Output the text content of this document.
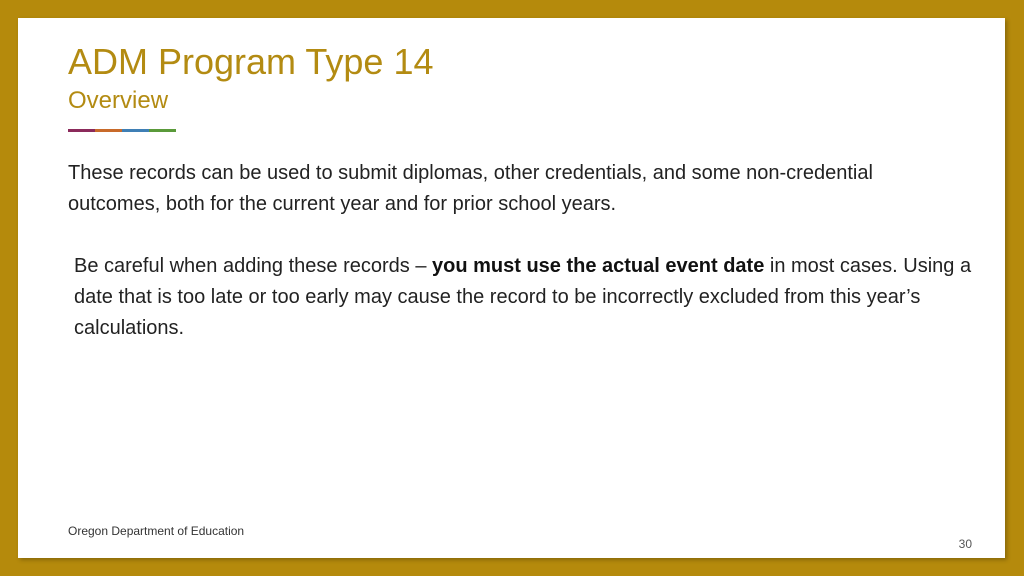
ADM Program Type 14
Overview

These records can be used to submit diplomas, other credentials, and some non-credential outcomes, both for the current year and for prior school years.

Be careful when adding these records – you must use the actual event date in most cases. Using a date that is too late or too early may cause the record to be incorrectly excluded from this year’s calculations.

Oregon Department of Education
30
